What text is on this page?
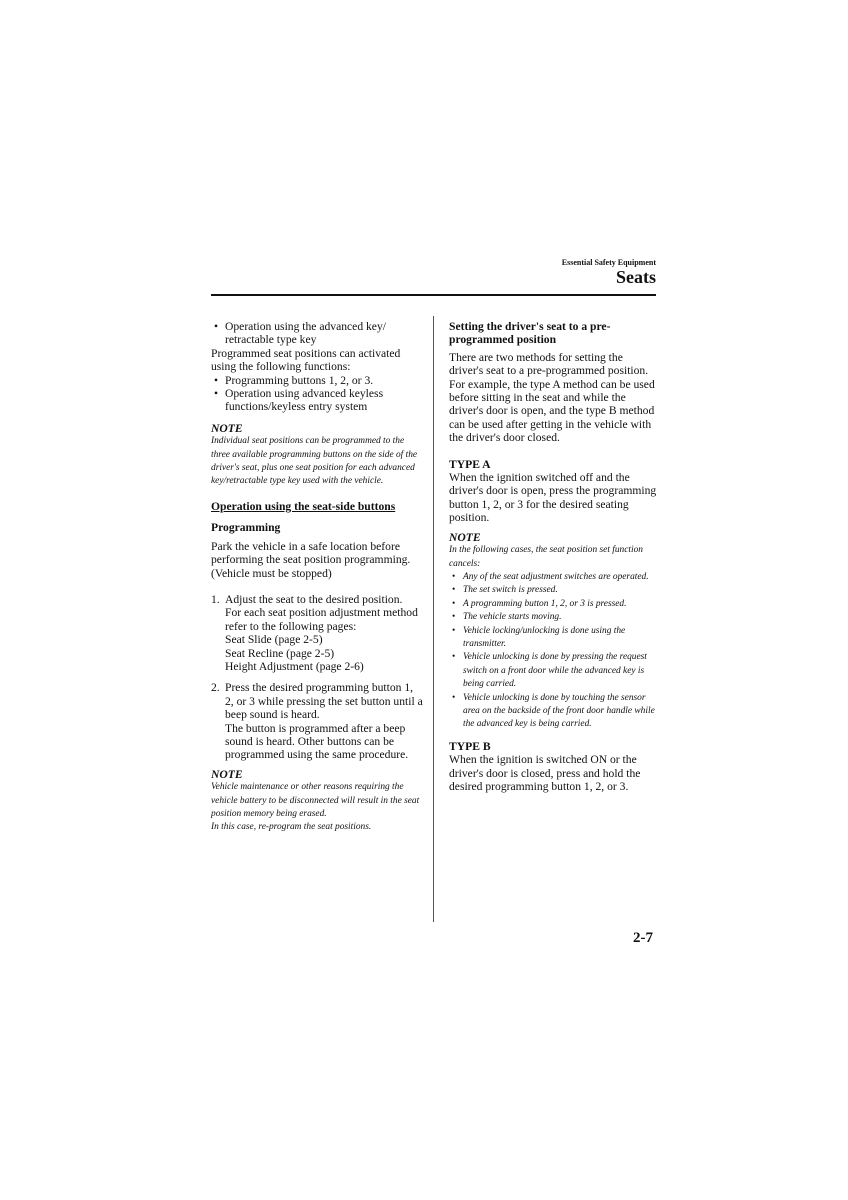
Essential Safety Equipment
Seats

• Operation using the advanced key/ retractable type key

Programmed seat positions can activated using the following functions:

• Programming buttons 1, 2, or 3.

• Operation using advanced keyless functions/keyless entry system

NOTE

Individual seat positions can be programmed to the three available programming buttons on the side of the driver's seat, plus one seat position for each advanced key/retractable type key used with the vehicle.

Operation using the seat-side buttons

Programming

Park the vehicle in a safe location before performing the seat position programming. (Vehicle must be stopped)

1. Adjust the seat to the desired position.

For each seat position adjustment method refer to the following pages:

Seat Slide (page 2-5)

Seat Recline (page 2-5)

Height Adjustment (page 2-6)

2. Press the desired programming button 1, 2, or 3 while pressing the set button until a beep sound is heard.

The button is programmed after a beep sound is heard. Other buttons can be programmed using the same procedure.

NOTE

Vehicle maintenance or other reasons requiring the vehicle battery to be disconnected will result in the seat position memory being erased.

In this case, re-program the seat positions.

Setting the driver's seat to a pre-programmed position

There are two methods for setting the driver's seat to a pre-programmed position. For example, the type A method can be used before sitting in the seat and while the driver's door is open, and the type B method can be used after getting in the vehicle with the driver's door closed.

TYPE A

When the ignition switched off and the driver's door is open, press the programming button 1, 2, or 3 for the desired seating position.

NOTE

In the following cases, the seat position set function cancels:

• Any of the seat adjustment switches are operated.

• The set switch is pressed.

• A programming button 1, 2, or 3 is pressed.

• The vehicle starts moving.

• Vehicle locking/unlocking is done using the transmitter.

• Vehicle unlocking is done by pressing the request switch on a front door while the advanced key is being carried.

• Vehicle unlocking is done by touching the sensor area on the backside of the front door handle while the advanced key is being carried.

TYPE B

When the ignition is switched ON or the driver's door is closed, press and hold the desired programming button 1, 2, or 3.

2-7
